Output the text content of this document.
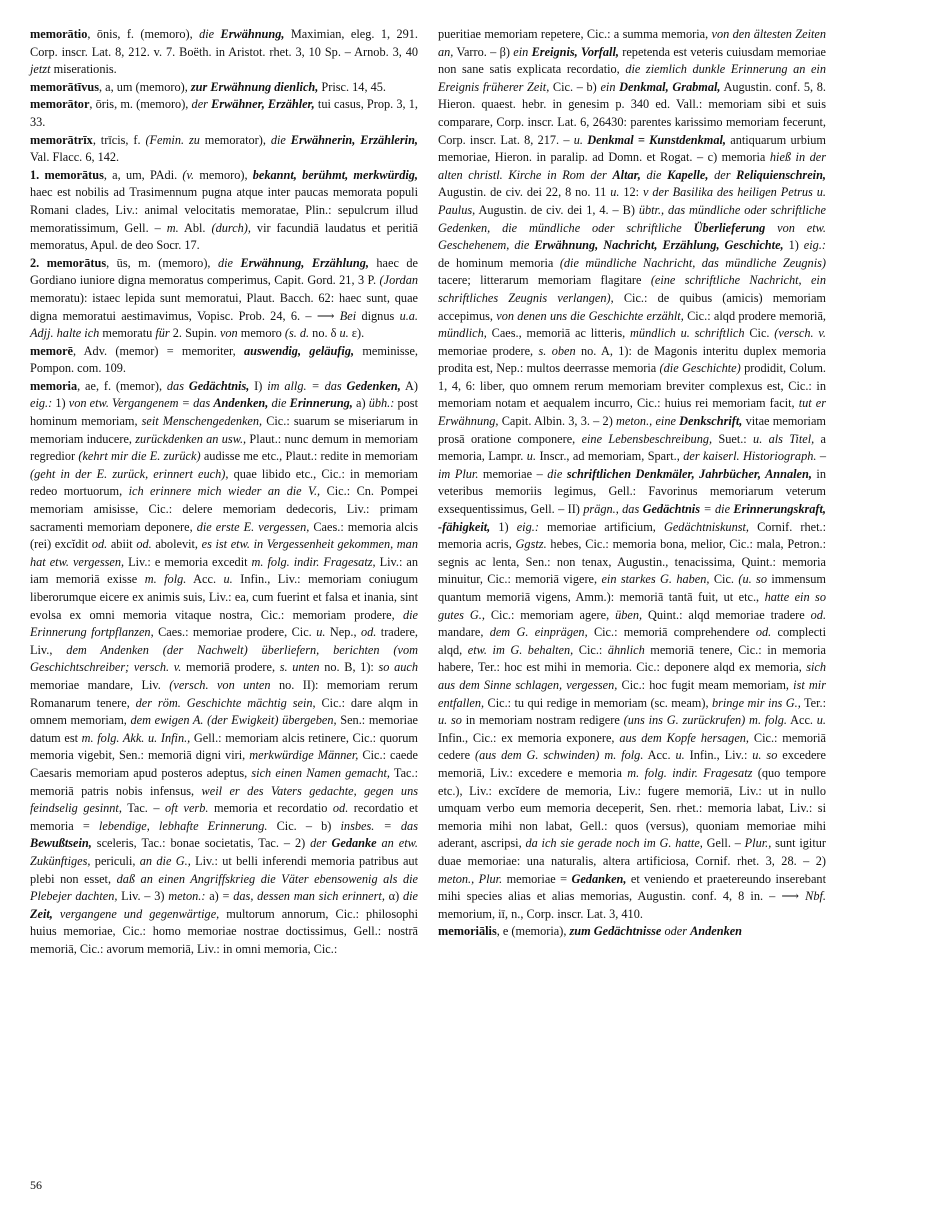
memorātio, ōnis, f. (memoro), die Erwähnung, Maximian, eleg. 1, 291. Corp. inscr. Lat. 8, 212. v. 7. Boëth. in Aristot. rhet. 3, 10 Sp. – Arnob. 3, 40 jetzt miserationis.

memorātīvus, a, um (memoro), zur Erwähnung dienlich, Prisc. 14, 45.

memorātor, ōris, m. (memoro), der Erwähner, Erzähler, tui casus, Prop. 3, 1, 33.

memorātrīx, trīcis, f. (Femin. zu memorator), die Erwähnerin, Erzählerin, Val. Flacc. 6, 142.

1. memorātus, a, um, PAdi. (v. memoro), bekannt, berühmt, merkwürdig, haec est nobilis ad Trasimennum pugna atque inter paucas memorata populi Romani clades, Liv.: animal velocitatis memoratae, Plin.: sepulcrum illud memoratissimum, Gell. – m. Abl. (durch), vir facundiā laudatus et peritiā memoratus, Apul. de deo Socr. 17.

2. memorātus, ūs, m. (memoro), die Erwähnung, Erzählung, haec de Gordiano iuniore digna memoratus comperimus, Capit. Gord. 21, 3 P. (Jordan memoratu): istaec lepida sunt memoratui, Plaut. Bacch. 62: haec sunt, quae digna memoratui aestimavimus, Vopisc. Prob. 24, 6. – ⟶ Bei dignus u.a. Adjj. halte ich memoratu für 2. Supin. von memoro (s. d. no. δ u. ε).

memorē, Adv. (memor) = memoriter, auswendig, geläufig, meminisse, Pompon. com. 109.

memoria, ae, f. (memor), das Gedächtnis, I) im allg. = das Gedenken, A) eig.: 1) von etw. Vergangenem = das Andenken, die Erinnerung, a) übh.: post hominum memoriam, seit Menschengedenken, Cic.: suarum se miseriarum in memoriam inducere, zurückdenken an usw., Plaut.: nunc demum in memoriam regredior (kehrt mir die E. zurück) audisse me etc., Plaut.: redite in memoriam (geht in der E. zurück, erinnert euch), quae libido etc., Cic.: in memoriam redeo mortuorum, ich erinnere mich wieder an die V., Cic.: Cn. Pompei memoriam amisisse, Cic.: delere memoriam dedecoris, Liv.: primam sacramenti memoriam deponere, die erste E. vergessen, Caes.: memoria alcis (rei) excĭdit od. abiit od. abolevit, es ist etw. in Vergessenheit gekommen, man hat etw. vergessen, Liv.: e memoria excedit m. folg. indir. Fragesatz, Liv.: an iam memoriā exisse m. folg. Acc. u. Infin., Liv.: memoriam coniugum liberorumque eicere ex animis suis, Liv.: ea, cum fuerint et falsa et inania, sint evolsa ex omni memoria vitaque nostra, Cic.: memoriam prodere, die Erinnerung fortpflanzen, Caes.: memoriae prodere, Cic. u. Nep., od. tradere, Liv., dem Andenken (der Nachwelt) überliefern, berichten (vom Geschichtschreiber; versch. v. memoriā prodere, s. unten no. B, 1): so auch memoriae mandare, Liv. (versch. von unten no. II): memoriam rerum Romanarum tenere, der röm. Geschichte mächtig sein, Cic.: dare alqm in omnem memoriam, dem ewigen A. (der Ewigkeit) übergeben, Sen.: memoriae datum est m. folg. Akk. u. Infin., Gell.: memoriam alcis retinere, Cic.: quorum memoria vigebit, Sen.: memoriā digni viri, merkwürdige Männer, Cic.: caede Caesaris memoriam apud posteros adeptus, sich einen Namen gemacht, Tac.: memoriā patris nobis infensus, weil er des Vaters gedachte, gegen uns feindselig gesinnt, Tac. – oft verb. memoria et recordatio od. recordatio et memoria = lebendige, lebhafte Erinnerung. Cic. – b) insbes. = das Bewußtsein, sceleris, Tac.: bonae societatis, Tac. – 2) der Gedanke an etw. Zukünftiges, periculi, an die G., Liv.: ut belli inferendi memoria patribus aut plebi non esset, daß an einen Angriffskrieg die Väter ebensowenig als die Plebejer dachten, Liv. – 3) meton.: a) = das, dessen man sich erinnert, α) die Zeit, vergangene und gegenwärtige, multorum annorum, Cic.: philosophi huius memoriae, Cic.: homo memoriae nostrae doctissimus, Gell.: nostrā memoriā, Cic.: avorum memoriā, Liv.: in omni memoria, Cic.:

pueritiae memoriam repetere, Cic.: a summa memoria, von den ältesten Zeiten an, Varro. – β) ein Ereignis, Vorfall, repetenda est veteris cuiusdam memoriae non sane satis explicata recordatio, die ziemlich dunkle Erinnerung an ein Ereignis früherer Zeit, Cic. – b) ein Denkmal, Grabmal, Augustin. conf. 5, 8. Hieron. quaest. hebr. in genesim p. 340 ed. Vall.: memoriam sibi et suis comparare, Corp. inscr. Lat. 6, 26430: parentes karissimo memoriam fecerunt, Corp. inscr. Lat. 8, 217. – u. Denkmal = Kunstdenkmal, antiquarum urbium memoriae, Hieron. in paralip. ad Domn. et Rogat. – c) memoria hieß in der alten christl. Kirche in Rom der Altar, die Kapelle, der Reliquienschrein, Augustin. de civ. dei 22, 8 no. 11 u. 12: v der Basilika des heiligen Petrus u. Paulus, Augustin. de civ. dei 1, 4. – B) übtr., das mündliche oder schriftliche Gedenken, die mündliche oder schriftliche Überlieferung von etw. Geschehenem, die Erwähnung, Nachricht, Erzählung, Geschichte, 1) eig.: de hominum memoria (die mündliche Nachricht, das mündliche Zeugnis) tacere; litterarum memoriam flagitare (eine schriftliche Nachricht, ein schriftliches Zeugnis verlangen), Cic.: de quibus (amicis) memoriam accepimus, von denen uns die Geschichte erzählt, Cic.: alqd prodere memoriā, mündlich, Caes., memoriā ac litteris, mündlich u. schriftlich Cic. (versch. v. memoriae prodere, s. oben no. A, 1): de Magonis interitu duplex memoria prodita est, Nep.: multos deerrasse memoria (die Geschichte) prodidit, Colum. 1, 4, 6: liber, quo omnem rerum memoriam breviter complexus est, Cic.: in memoriam notam et aequalem incurro, Cic.: huius rei memoriam facit, tut er Erwähnung, Capit. Albin. 3, 3. – 2) meton., eine Denkschrift, vitae memoriam prosā oratione componere, eine Lebensbeschreibung, Suet.: u. als Titel, a memoria, Lampr. u. Inscr., ad memoriam, Spart., der kaiserl. Historiograph. – im Plur. memoriae – die schriftlichen Denkmäler, Jahrbücher, Annalen, in veteribus memoriis legimus, Gell.: Favorinus memoriarum veterum exsequentissimus, Gell. – II) prägn., das Gedächtnis = die Erinnerungskraft, -fähigkeit, 1) eig.: memoriae artificium, Gedächtniskunst, Cornif. rhet.: memoria acris, Ggstz. hebes, Cic.: memoria bona, melior, Cic.: mala, Petron.: segnis ac lenta, Sen.: non tenax, Augustin., tenacissima, Quint.: memoria minuitur, Cic.: memoriā vigere, ein starkes G. haben, Cic. (u. so immensum quantum memoriā vigens, Amm.): memoriā tantā fuit, ut etc., hatte ein so gutes G., Cic.: memoriam agere, üben, Quint.: alqd memoriae tradere od. mandare, dem G. einprägen, Cic.: memoriā comprehendere od. complecti alqd, etw. im G. behalten, Cic.: ähnlich memoriā tenere, Cic.: in memoria habere, Ter.: hoc est mihi in memoria. Cic.: deponere alqd ex memoria, sich aus dem Sinne schlagen, vergessen, Cic.: hoc fugit meam memoriam, ist mir entfallen, Cic.: tu qui redige in memoriam (sc. meam), bringe mir ins G., Ter.: u. so in memoriam nostram redigere (uns ins G. zurückrufen) m. folg. Acc. u. Infin., Cic.: ex memoria exponere, aus dem Kopfe hersagen, Cic.: memoriā cedere (aus dem G. schwinden) m. folg. Acc. u. Infin., Liv.: u. so excedere memoriā, Liv.: excedere e memoria m. folg. indir. Fragesatz (quo tempore etc.), Liv.: excĭdere de memoria, Liv.: fugere memoriā, Liv.: ut in nullo umquam verbo eum memoria deceperit, Sen. rhet.: memoria labat, Liv.: si memoria mihi non labat, Gell.: quos (versus), quoniam memoriae mihi aderant, ascripsi, da ich sie gerade noch im G. hatte, Gell. – Plur., sunt igitur duae memoriae: una naturalis, altera artificiosa, Cornif. rhet. 3, 28. – 2) meton., Plur. memoriae = Gedanken, et veniendo et praetereundo inserebant mihi species alias et alias memorias, Augustin. conf. 4, 8 in. – ⟶ Nbf. memorium, iī, n., Corp. inscr. Lat. 3, 410.

memoriālis, e (memoria), zum Gedächtnisse oder Andenken

56
